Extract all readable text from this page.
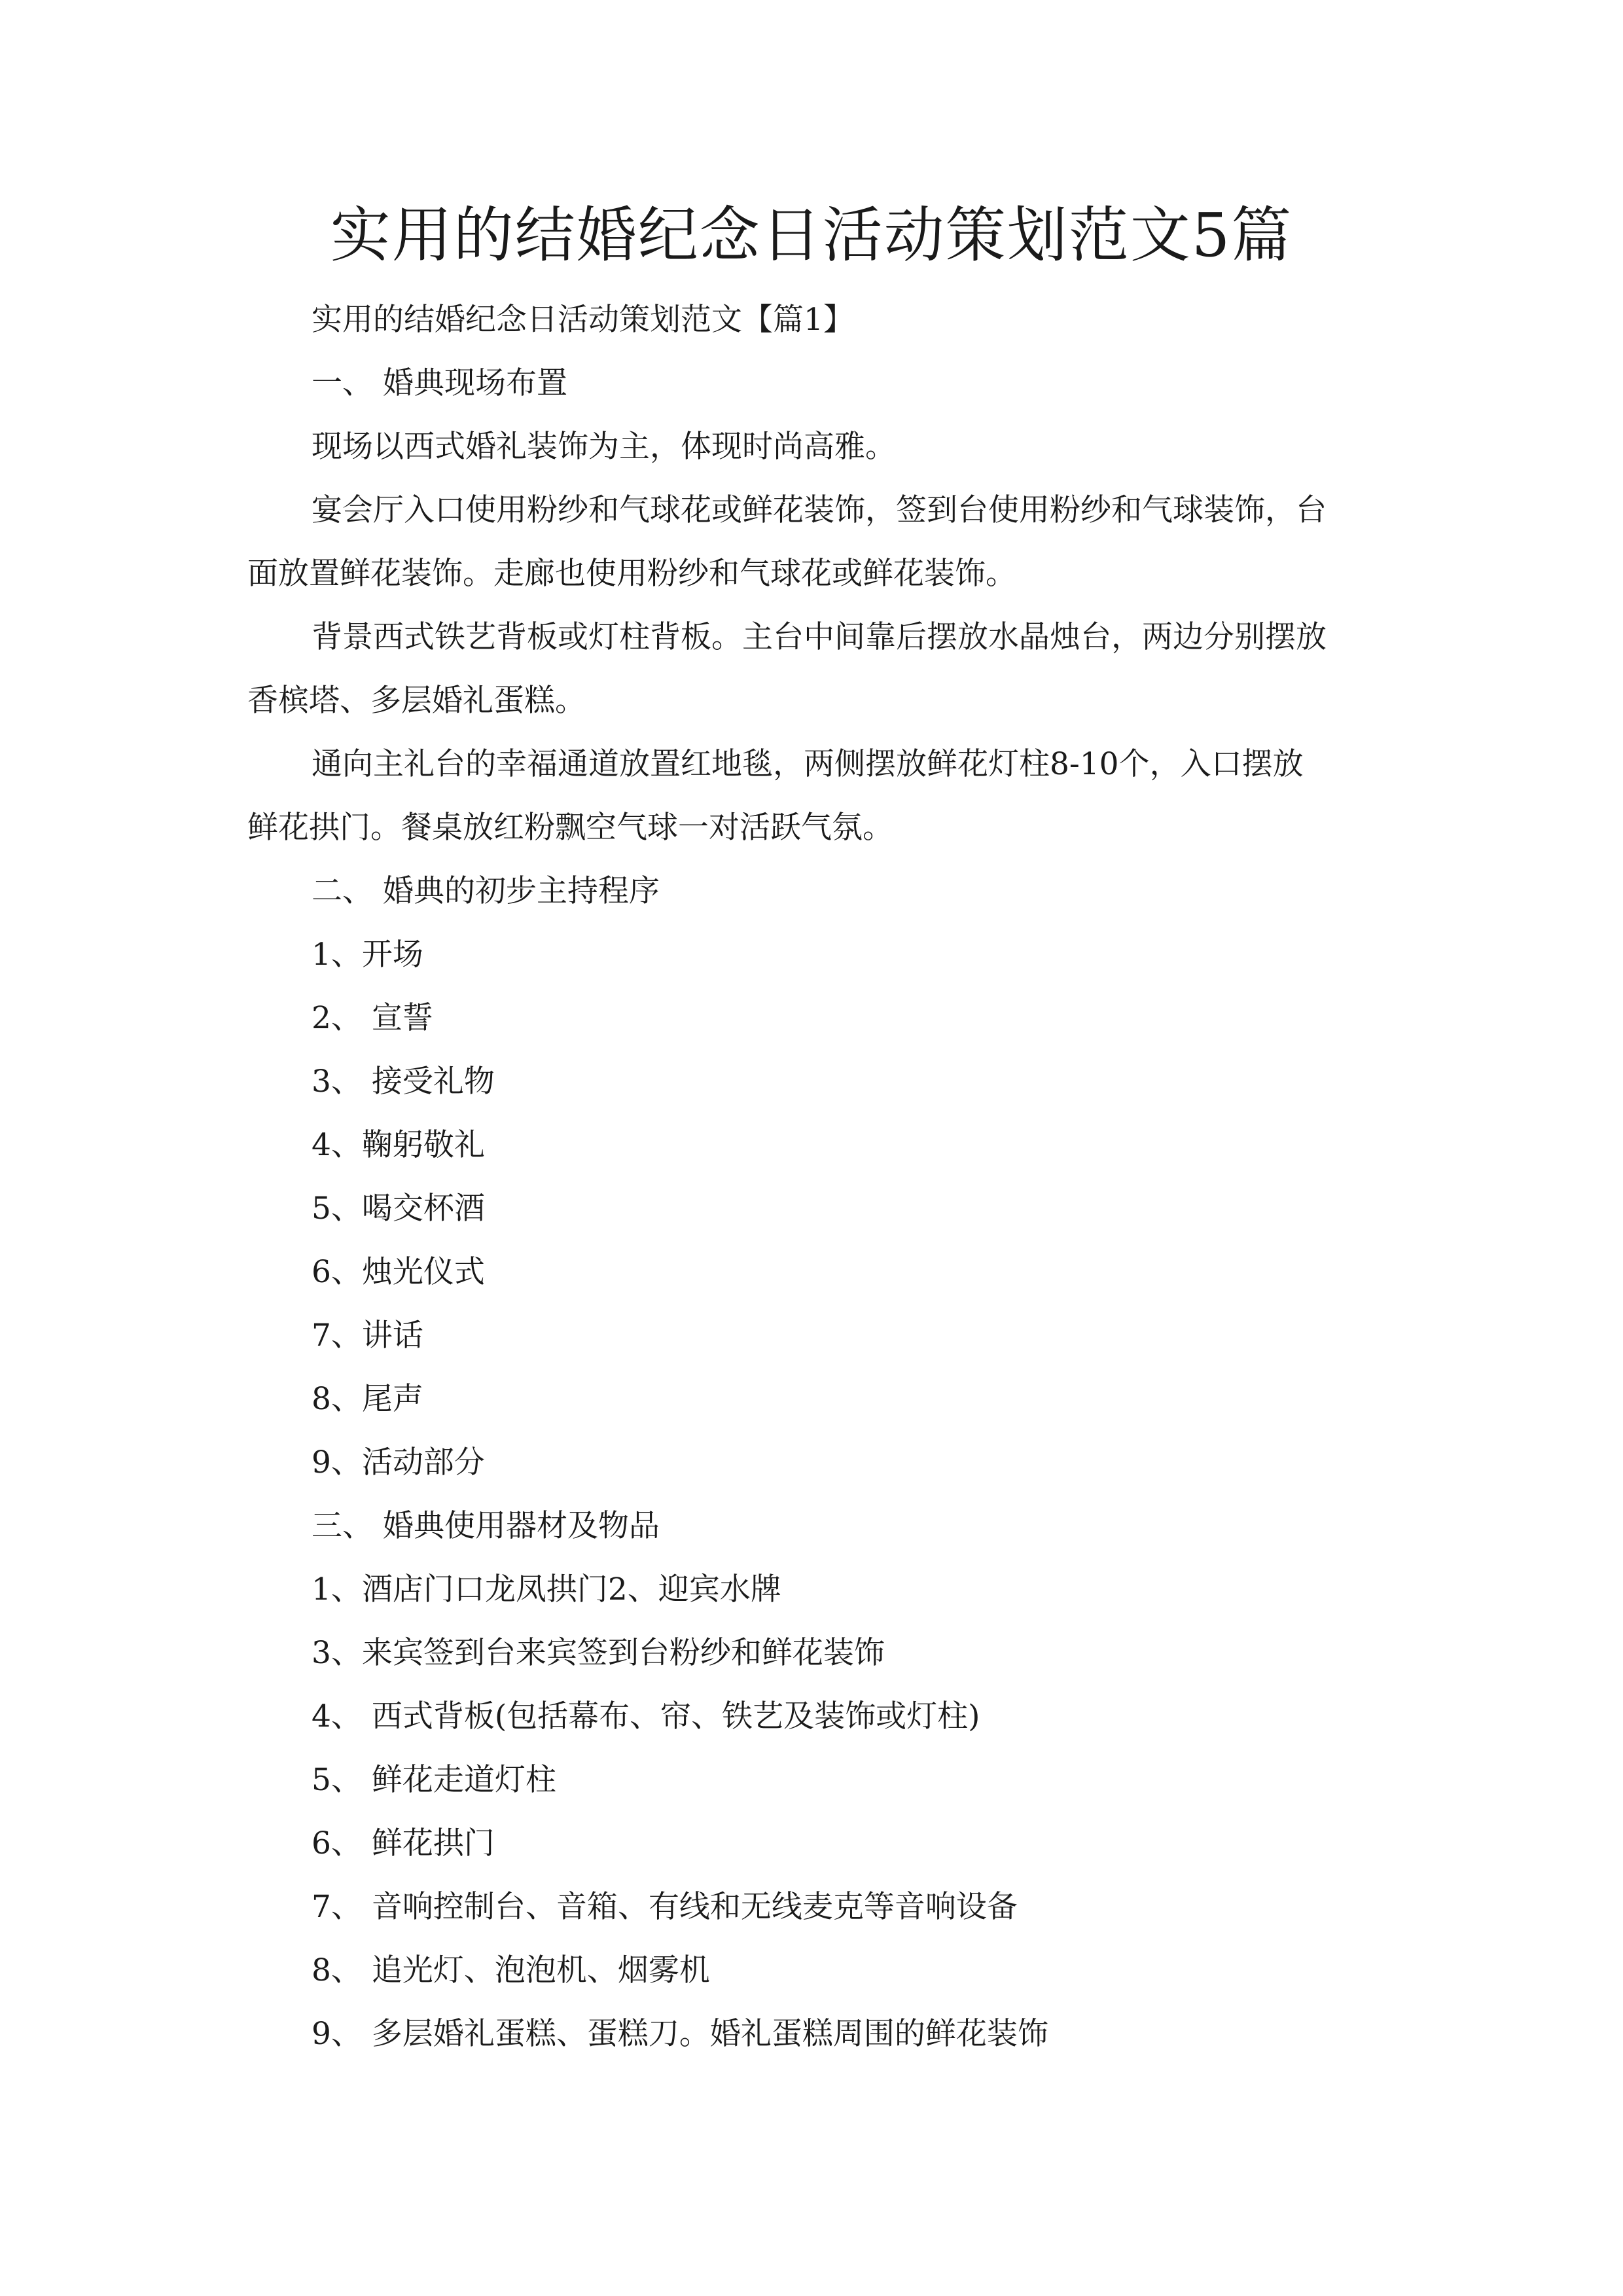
实用的结婚纪念日活动策划范文5篇

实用的结婚纪念日活动策划范文【篇1】

一、 婚典现场布置

现场以西式婚礼装饰为主，体现时尚高雅。

宴会厅入口使用粉纱和气球花或鲜花装饰，签到台使用粉纱和气球装饰，台

面放置鲜花装饰。走廊也使用粉纱和气球花或鲜花装饰。

背景西式铁艺背板或灯柱背板。主台中间靠后摆放水晶烛台，两边分别摆放

香槟塔、多层婚礼蛋糕。

通向主礼台的幸福通道放置红地毯，两侧摆放鲜花灯柱8-10个，入口摆放

鲜花拱门。餐桌放红粉飘空气球一对活跃气氛。

二、 婚典的初步主持程序

1、开场

2、 宣誓

3、 接受礼物

4、鞠躬敬礼

5、喝交杯酒

6、烛光仪式

7、讲话

8、尾声

9、活动部分

三、 婚典使用器材及物品

1、酒店门口龙凤拱门2、迎宾水牌

3、来宾签到台来宾签到台粉纱和鲜花装饰

4、 西式背板(包括幕布、帘、铁艺及装饰或灯柱)

5、 鲜花走道灯柱

6、 鲜花拱门

7、 音响控制台、音箱、有线和无线麦克等音响设备

8、 追光灯、泡泡机、烟雾机

9、 多层婚礼蛋糕、蛋糕刀。婚礼蛋糕周围的鲜花装饰
